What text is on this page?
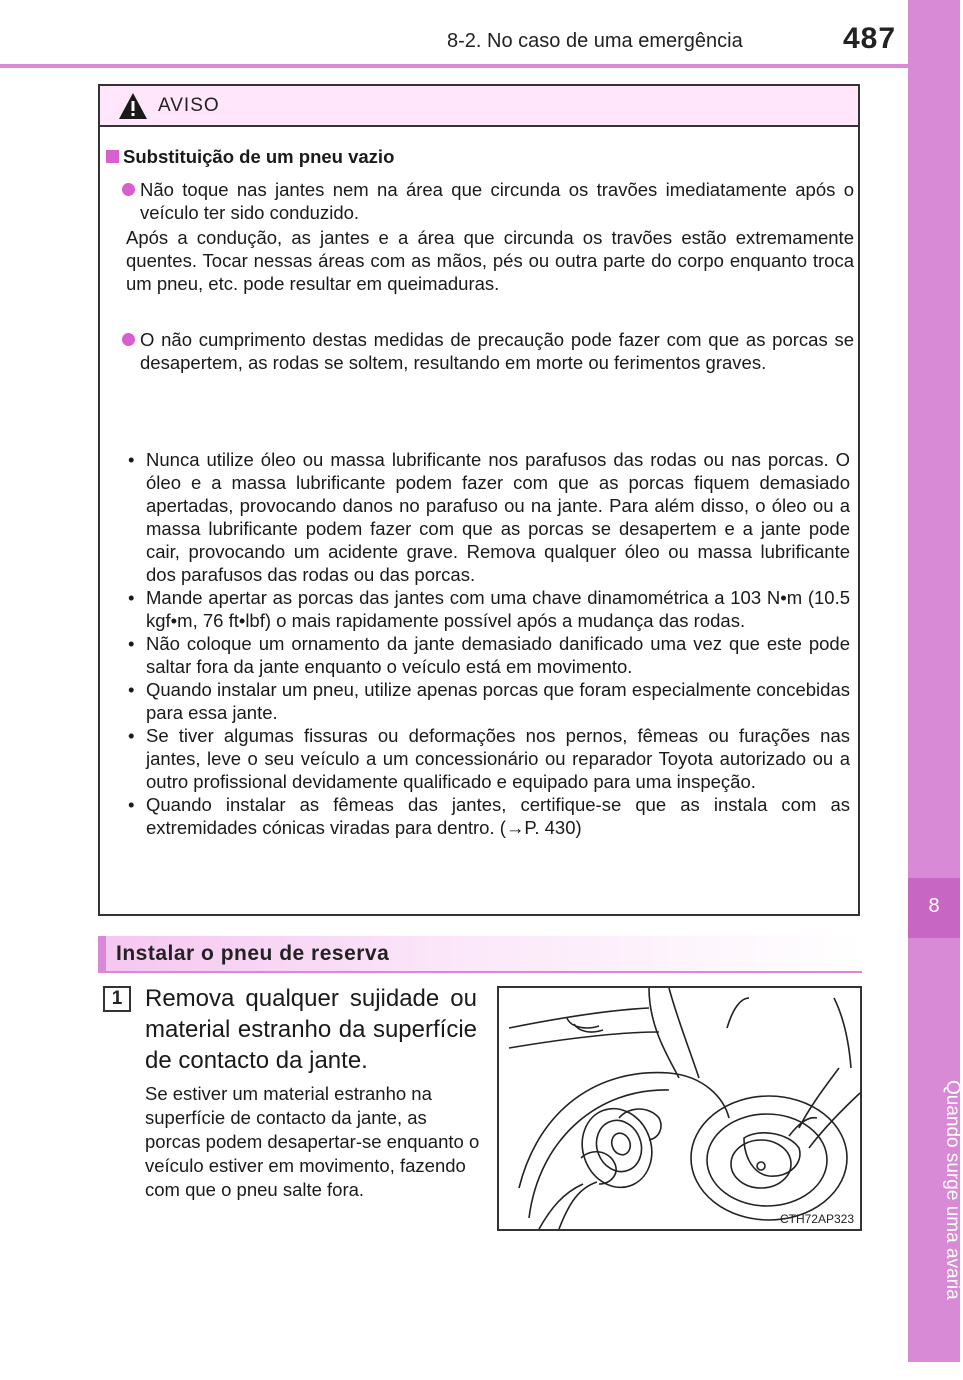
8-2. No caso de uma emergência	487
8
Quando surge uma avaria
AVISO
Substituição de um pneu vazio
Não toque nas jantes nem na área que circunda os travões imediatamente após o veículo ter sido conduzido.
Após a condução, as jantes e a área que circunda os travões estão extremamente quentes. Tocar nessas áreas com as mãos, pés ou outra parte do corpo enquanto troca um pneu, etc. pode resultar em queimaduras.
O não cumprimento destas medidas de precaução pode fazer com que as porcas se desapertem, as rodas se soltem, resultando em morte ou ferimentos graves.
• Nunca utilize óleo ou massa lubrificante nos parafusos das rodas ou nas porcas. O óleo e a massa lubrificante podem fazer com que as porcas fiquem demasiado apertadas, provocando danos no parafuso ou na jante. Para além disso, o óleo ou a massa lubrificante podem fazer com que as porcas se desapertem e a jante pode cair, provocando um acidente grave. Remova qualquer óleo ou massa lubrificante dos parafusos das rodas ou das porcas.
• Mande apertar as porcas das jantes com uma chave dinamométrica a 103 N•m (10.5 kgf•m, 76 ft•lbf) o mais rapidamente possível após a mudança das rodas.
• Não coloque um ornamento da jante demasiado danificado uma vez que este pode saltar fora da jante enquanto o veículo está em movimento.
• Quando instalar um pneu, utilize apenas porcas que foram especialmente concebidas para essa jante.
• Se tiver algumas fissuras ou deformações nos pernos, fêmeas ou furações nas jantes, leve o seu veículo a um concessionário ou reparador Toyota autorizado ou a outro profissional devidamente qualificado e equipado para uma inspeção.
• Quando instalar as fêmeas das jantes, certifique-se que as instala com as extremidades cónicas viradas para dentro. (→P. 430)
Instalar o pneu de reserva
1 Remova qualquer sujidade ou material estranho da superfície de contacto da jante.
Se estiver um material estranho na superfície de contacto da jante, as porcas podem desapertar-se enquanto o veículo estiver em movimento, fazendo com que o pneu salte fora.
CTH72AP323
